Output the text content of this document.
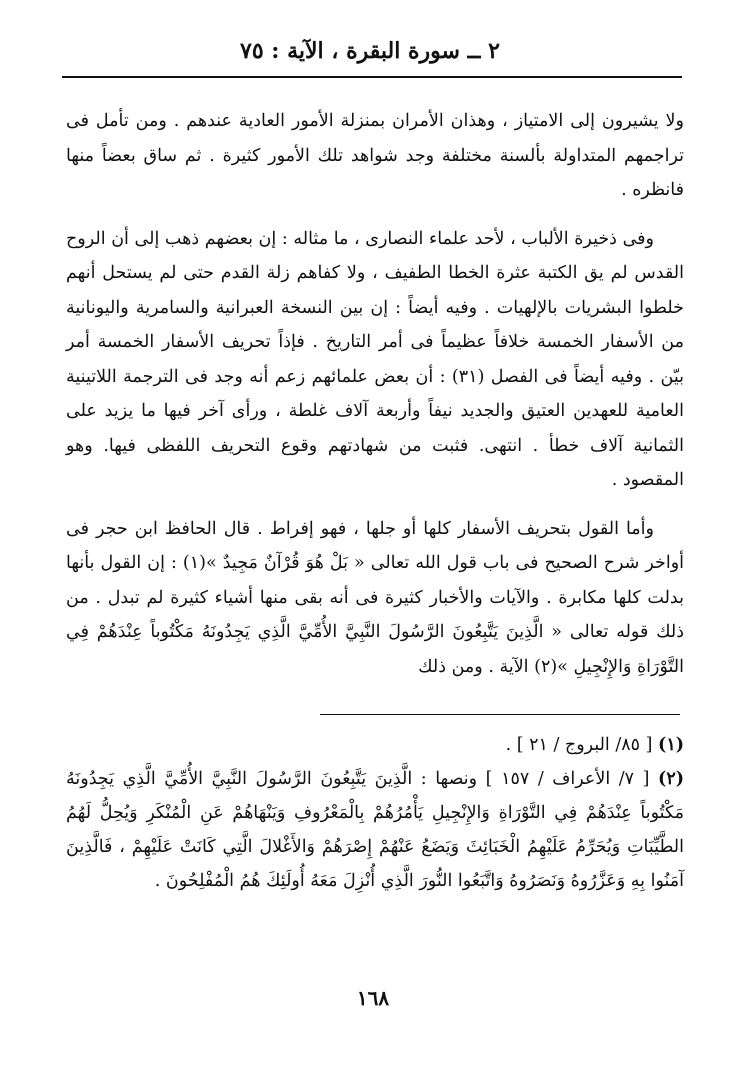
٢ ــ سورة البقرة ، الآية : ٧٥

ولا يشيرون إلى الامتياز ، وهذان الأمران بمنزلة الأمور العادية عندهم . ومن تأمل فى تراجمهم المتداولة بألسنة مختلفة وجد شواهد تلك الأمور كثيرة . ثم ساق بعضاً منها فانظره .

وفى ذخيرة الألباب ، لأحد علماء النصارى ، ما مثاله : إن بعضهم ذهب إلى أن الروح القدس لم يق الكتبة عثرة الخطا الطفيف ، ولا كفاهم زلة القدم حتى لم يستحل أنهم خلطوا البشريات بالإلهيات . وفيه أيضاً : إن بين النسخة العبرانية والسامرية واليونانية من الأسفار الخمسة خلافاً عظيماً فى أمر التاريخ . فإذاً تحريف الأسفار الخمسة أمر بيّن . وفيه أيضاً فى الفصل (٣١) : أن بعض علمائهم زعم أنه وجد فى الترجمة اللاتينية العامية للعهدين العتيق والجديد نيفاً وأربعة آلاف غلطة ، ورأى آخر فيها ما يزيد على الثمانية آلاف خطأ . انتهى. فثبت من شهادتهم وقوع التحريف اللفظى فيها. وهو المقصود .

وأما القول بتحريف الأسفار كلها أو جلها ، فهو إفراط . قال الحافظ ابن حجر فى أواخر شرح الصحيح فى باب قول الله تعالى « بَلْ هُوَ قُرْآنٌ مَجِيدٌ »(١) : إن القول بأنها بدلت كلها مكابرة . والآيات والأخبار كثيرة فى أنه بقى منها أشياء كثيرة لم تبدل . من ذلك قوله تعالى « الَّذِينَ يَتَّبِعُونَ الرَّسُولَ النَّبِيَّ الأُمِّيَّ الَّذِي يَجِدُونَهُ مَكْتُوباً عِنْدَهُمْ فِي التَّوْرَاةِ وَالإِنْجِيلِ »(٢) الآية . ومن ذلك

(١) [ ٨٥/ البروج / ٢١ ] .

(٢) [ ٧/ الأعراف / ١٥٧ ] ونصها : الَّذِينَ يَتَّبِعُونَ الرَّسُولَ النَّبِيَّ الأُمِّيَّ الَّذِي يَجِدُونَهُ مَكْتُوباً عِنْدَهُمْ فِي التَّوْرَاةِ وَالإِنْجِيلِ يَأْمُرُهُمْ بِالْمَعْرُوفِ وَيَنْهَاهُمْ عَنِ الْمُنْكَرِ وَيُحِلُّ لَهُمُ الطَّيِّبَاتِ وَيُحَرِّمُ عَلَيْهِمُ الْخَبَائِثَ وَيَضَعُ عَنْهُمْ إِصْرَهُمْ وَالأَغْلالَ الَّتِي كَانَتْ عَلَيْهِمْ ، فَالَّذِينَ آمَنُوا بِهِ وَعَزَّرُوهُ وَنَصَرُوهُ وَاتَّبَعُوا النُّورَ الَّذِي أُنْزِلَ مَعَهُ أُولَئِكَ هُمُ الْمُفْلِحُونَ .

١٦٨
